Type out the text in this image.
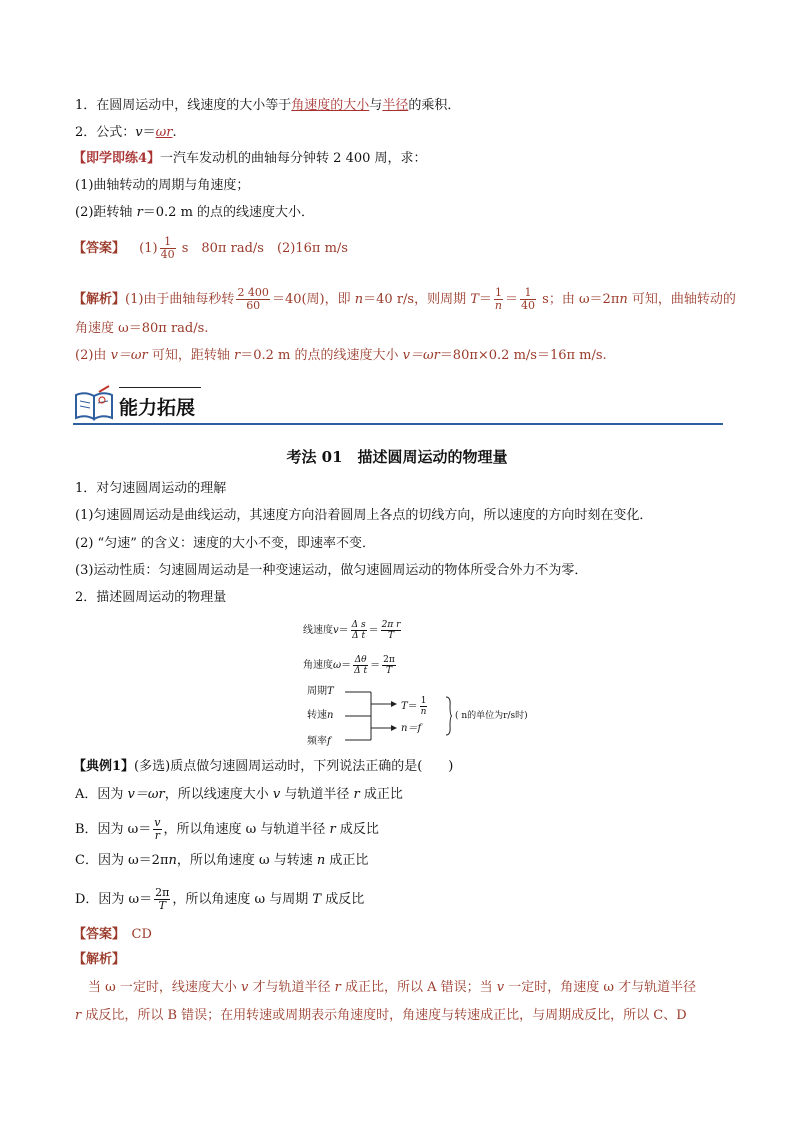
1．在圆周运动中，线速度的大小等于角速度的大小与半径的乘积．
2．公式：v＝ωr.
【即学即练4】一汽车发动机的曲轴每分钟转 2 400 周，求：
(1)曲轴转动的周期与角速度；
(2)距转轴 r＝0.2 m 的点的线速度大小．
【答案】 $(1) \frac{1}{40}$ s　80π rad/s　(2)16π m/s
【解析】(1)由于曲轴每秒转 $\frac{2 400}{60} =40$(周)，即 n＝40 r/s，则周期 $T= \frac{1}{n} = \frac{1}{40}$ s；由 ω＝2πn 可知，曲轴转动的
角速度 ω＝80π rad/s.
(2)由 v＝ωr 可知，距转轴 r＝0.2 m 的点的线速度大小 v＝ωr＝80π×0.2 m/s＝16π m/s.
能力拓展
考法 01　描述圆周运动的物理量
1．对匀速圆周运动的理解
(1)匀速圆周运动是曲线运动，其速度方向沿着圆周上各点的切线方向，所以速度的方向时刻在变化．
(2) “匀速” 的含义：速度的大小不变，即速率不变．
(3)运动性质：匀速圆周运动是一种变速运动，做匀速圆周运动的物体所受合外力不为零．
2．描述圆周运动的物理量
线速度$v= \frac{\text{Δ s}}{\text{Δ t}} = \frac{\text{2π r}}{T}$
角速度$\omega= \frac{\Delta\theta}{\text{Δ t}} = \frac{2\pi}{T}$
周期T
转速n
频率f
$T= \frac{1}{n}$
n＝f
( n的单位为r/s时)
【典例1】(多选)质点做匀速圆周运动时，下列说法正确的是(　　)
A．因为 v＝ωr，所以线速度大小 v 与轨道半径 r 成正比
B．因为 $\omega= \frac{v}{r}$ ，所以角速度 ω 与轨道半径 r 成反比
C．因为 ω＝2πn，所以角速度 ω 与转速 n 成正比
D．因为 $\omega= \frac{2\pi}{T}$ ，所以角速度 ω 与周期 T 成反比
【答案】　CD
【解析】
　当 ω 一定时，线速度大小 v 才与轨道半径 r 成正比，所以 A 错误；当 v 一定时，角速度 ω 才与轨道半径
r 成反比，所以 B 错误；在用转速或周期表示角速度时，角速度与转速成正比，与周期成反比，所以 C、D
